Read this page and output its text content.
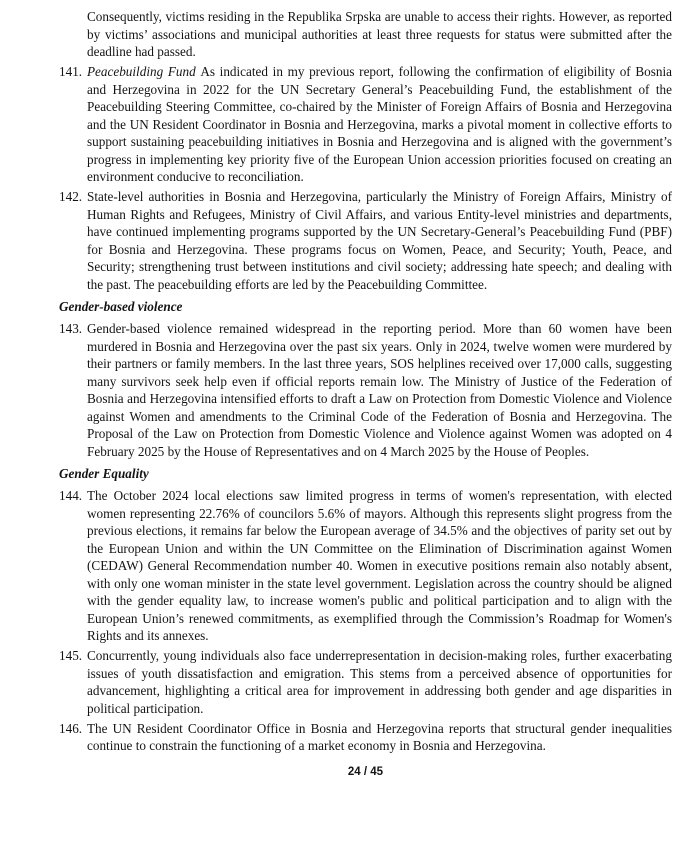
Consequently, victims residing in the Republika Srpska are unable to access their rights. However, as reported by victims’ associations and municipal authorities at least three requests for status were submitted after the deadline had passed.

141. Peacebuilding Fund As indicated in my previous report, following the confirmation of eligibility of Bosnia and Herzegovina in 2022 for the UN Secretary General’s Peacebuilding Fund, the establishment of the Peacebuilding Steering Committee, co-chaired by the Minister of Foreign Affairs of Bosnia and Herzegovina and the UN Resident Coordinator in Bosnia and Herzegovina, marks a pivotal moment in collective efforts to support sustaining peacebuilding initiatives in Bosnia and Herzegovina and is aligned with the government’s progress in implementing key priority five of the European Union accession priorities focused on creating an environment conducive to reconciliation.

142. State-level authorities in Bosnia and Herzegovina, particularly the Ministry of Foreign Affairs, Ministry of Human Rights and Refugees, Ministry of Civil Affairs, and various Entity-level ministries and departments, have continued implementing programs supported by the UN Secretary-General’s Peacebuilding Fund (PBF) for Bosnia and Herzegovina. These programs focus on Women, Peace, and Security; Youth, Peace, and Security; strengthening trust between institutions and civil society; addressing hate speech; and dealing with the past. The peacebuilding efforts are led by the Peacebuilding Committee.

Gender-based violence

143. Gender-based violence remained widespread in the reporting period. More than 60 women have been murdered in Bosnia and Herzegovina over the past six years. Only in 2024, twelve women were murdered by their partners or family members. In the last three years, SOS helplines received over 17,000 calls, suggesting many survivors seek help even if official reports remain low. The Ministry of Justice of the Federation of Bosnia and Herzegovina intensified efforts to draft a Law on Protection from Domestic Violence and Violence against Women and amendments to the Criminal Code of the Federation of Bosnia and Herzegovina. The Proposal of the Law on Protection from Domestic Violence and Violence against Women was adopted on 4 February 2025 by the House of Representatives and on 4 March 2025 by the House of Peoples.

Gender Equality

144. The October 2024 local elections saw limited progress in terms of women's representation, with elected women representing 22.76% of councilors 5.6% of mayors. Although this represents slight progress from the previous elections, it remains far below the European average of 34.5% and the objectives of parity set out by the European Union and within the UN Committee on the Elimination of Discrimination against Women (CEDAW) General Recommendation number 40. Women in executive positions remain also notably absent, with only one woman minister in the state level government. Legislation across the country should be aligned with the gender equality law, to increase women's public and political participation and to align with the European Union’s renewed commitments, as exemplified through the Commission’s Roadmap for Women's Rights and its annexes.

145. Concurrently, young individuals also face underrepresentation in decision-making roles, further exacerbating issues of youth dissatisfaction and emigration. This stems from a perceived absence of opportunities for advancement, highlighting a critical area for improvement in addressing both gender and age disparities in political participation.

146. The UN Resident Coordinator Office in Bosnia and Herzegovina reports that structural gender inequalities continue to constrain the functioning of a market economy in Bosnia and Herzegovina.

24 / 45
